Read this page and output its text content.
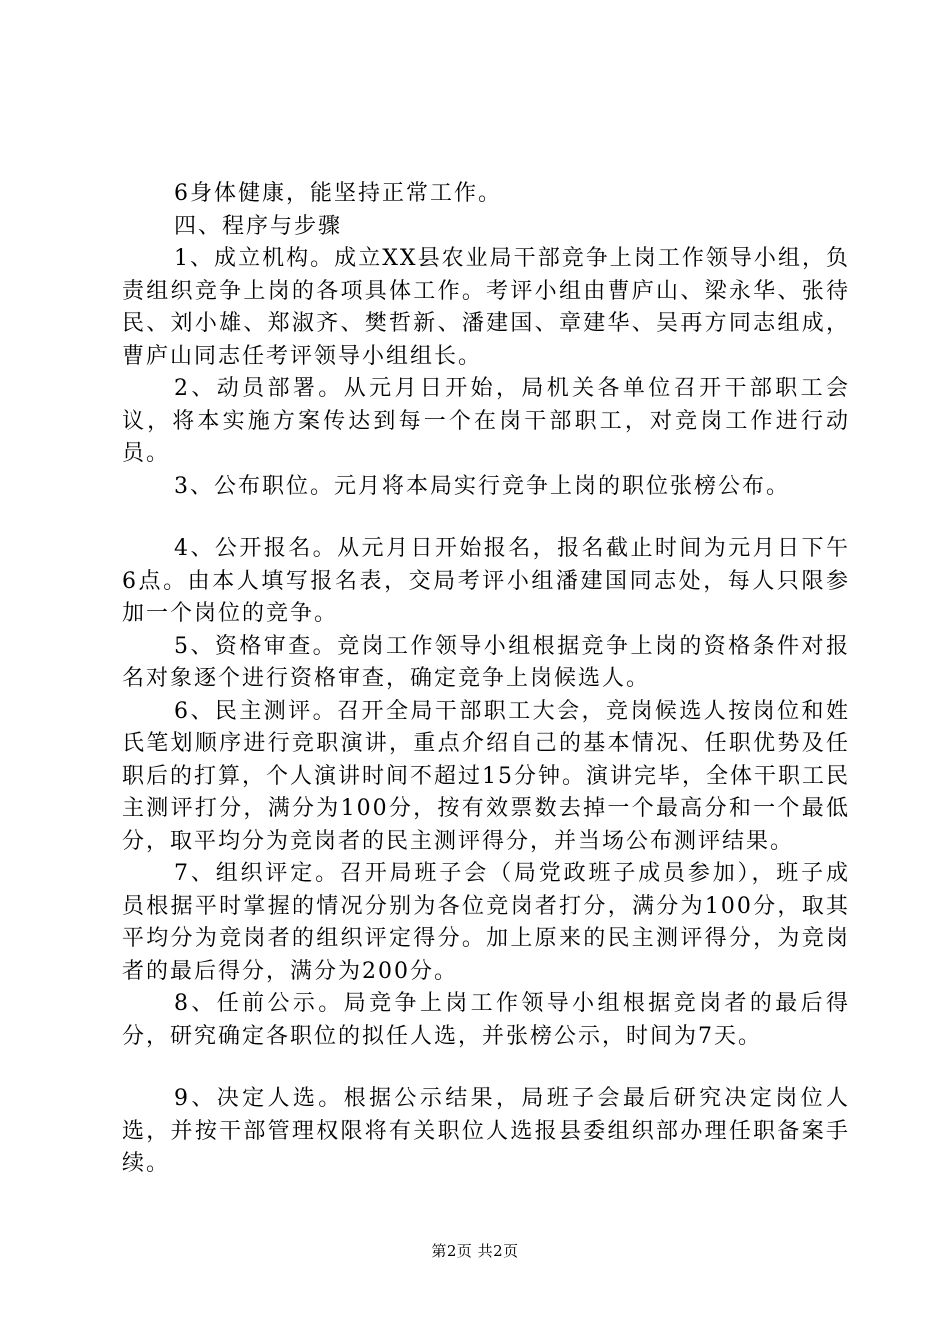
6身体健康，能坚持正常工作。

四、程序与步骤

1、成立机构。成立XX县农业局干部竞争上岗工作领导小组，负责组织竞争上岗的各项具体工作。考评小组由曹庐山、梁永华、张待民、刘小雄、郑淑齐、樊哲新、潘建国、章建华、吴再方同志组成，曹庐山同志任考评领导小组组长。

2、动员部署。从元月日开始，局机关各单位召开干部职工会议，将本实施方案传达到每一个在岗干部职工，对竞岗工作进行动员。

3、公布职位。元月将本局实行竞争上岗的职位张榜公布。

4、公开报名。从元月日开始报名，报名截止时间为元月日下午6点。由本人填写报名表，交局考评小组潘建国同志处，每人只限参加一个岗位的竞争。

5、资格审查。竞岗工作领导小组根据竞争上岗的资格条件对报名对象逐个进行资格审查，确定竞争上岗候选人。

6、民主测评。召开全局干部职工大会，竞岗候选人按岗位和姓氏笔划顺序进行竞职演讲，重点介绍自己的基本情况、任职优势及任职后的打算，个人演讲时间不超过15分钟。演讲完毕，全体干职工民主测评打分，满分为100分，按有效票数去掉一个最高分和一个最低分，取平均分为竞岗者的民主测评得分，并当场公布测评结果。

7、组织评定。召开局班子会（局党政班子成员参加），班子成员根据平时掌握的情况分别为各位竞岗者打分，满分为100分，取其平均分为竞岗者的组织评定得分。加上原来的民主测评得分，为竞岗者的最后得分，满分为200分。

8、任前公示。局竞争上岗工作领导小组根据竞岗者的最后得分，研究确定各职位的拟任人选，并张榜公示，时间为7天。

9、决定人选。根据公示结果，局班子会最后研究决定岗位人选，并按干部管理权限将有关职位人选报县委组织部办理任职备案手续。

第2页 共2页
